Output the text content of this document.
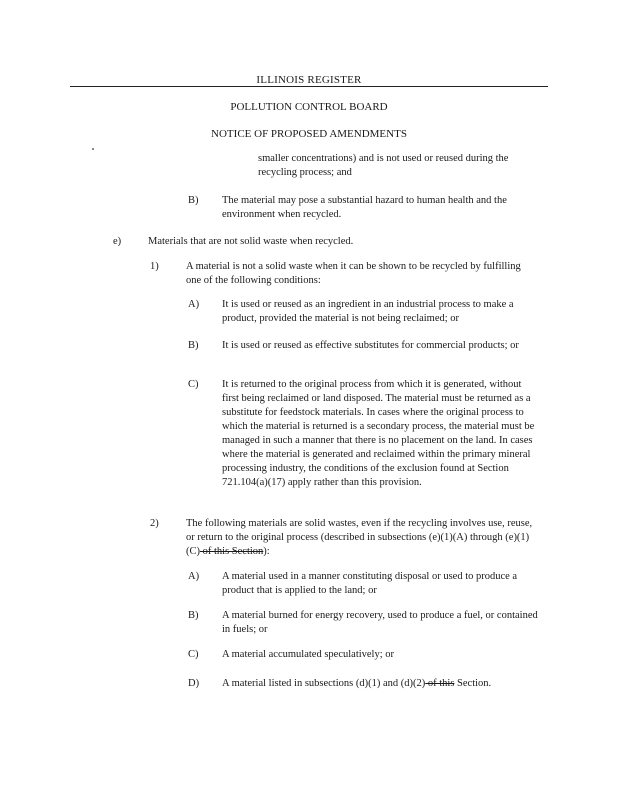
ILLINOIS REGISTER
POLLUTION CONTROL BOARD
NOTICE OF PROPOSED AMENDMENTS

smaller concentrations) and is not used or reused during the recycling process; and

B) The material may pose a substantial hazard to human health and the environment when recycled.

e)	Materials that are not solid waste when recycled.

1)	A material is not a solid waste when it can be shown to be recycled by fulfilling one of the following conditions:

A) It is used or reused as an ingredient in an industrial process to make a product, provided the material is not being reclaimed; or

B) It is used or reused as effective substitutes for commercial products; or

C) It is returned to the original process from which it is generated, without first being reclaimed or land disposed. The material must be returned as a substitute for feedstock materials. In cases where the original process to which the material is returned is a secondary process, the material must be managed in such a manner that there is no placement on the land. In cases where the material is generated and reclaimed within the primary mineral processing industry, the conditions of the exclusion found at Section 721.104(a)(17) apply rather than this provision.

2)	The following materials are solid wastes, even if the recycling involves use, reuse, or return to the original process (described in subsections (e)(1)(A) through (e)(1)(C) of this Section):

A) A material used in a manner constituting disposal or used to produce a product that is applied to the land; or

B) A material burned for energy recovery, used to produce a fuel, or contained in fuels; or

C) A material accumulated speculatively; or

D) A material listed in subsections (d)(1) and (d)(2) of this Section.
